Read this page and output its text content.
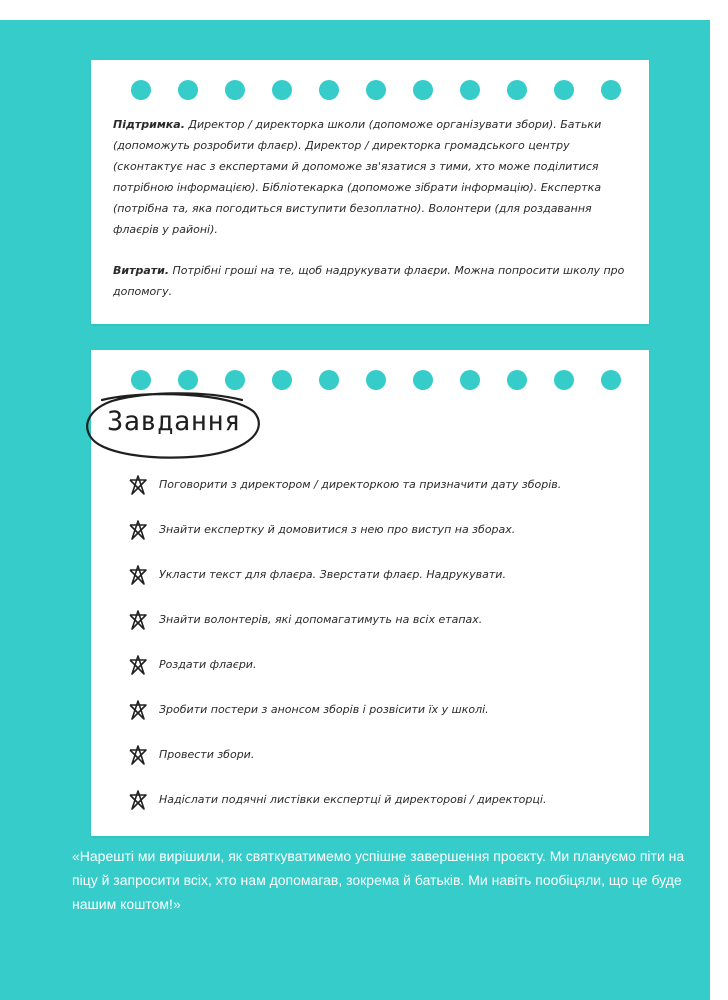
Підтримка. Директор / директорка школи (допоможе організувати збори). Батьки (допоможуть розробити флаєр). Директор / директорка громадського центру (сконтактує нас з експертами й допоможе зв'язатися з тими, хто може поділитися потрібною інформацією). Бібліотекарка (допоможе зібрати інформацію). Експертка (потрібна та, яка погодиться виступити безоплатно). Волонтери (для роздавання флаєрів у районі).

Витрати. Потрібні гроші на те, щоб надрукувати флаєри. Можна попросити школу про допомогу.

Завдання
Поговорити з директором / директоркою та призначити дату зборів.
Знайти експертку й домовитися з нею про виступ на зборах.
Укласти текст для флаєра. Зверстати флаєр. Надрукувати.
Знайти волонтерів, які допомагатимуть на всіх етапах.
Роздати флаєри.
Зробити постери з анонсом зборів і розвісити їх у школі.
Провести збори.
Надіслати подячні листівки експертці й директорові / директорці.

«Нарешті ми вирішили, як святкуватимемо успішне завершення проєкту. Ми плануємо піти на піцу й запросити всіх, хто нам допомагав, зокрема й батьків. Ми навіть пообіцяли, що це буде нашим коштом!»
